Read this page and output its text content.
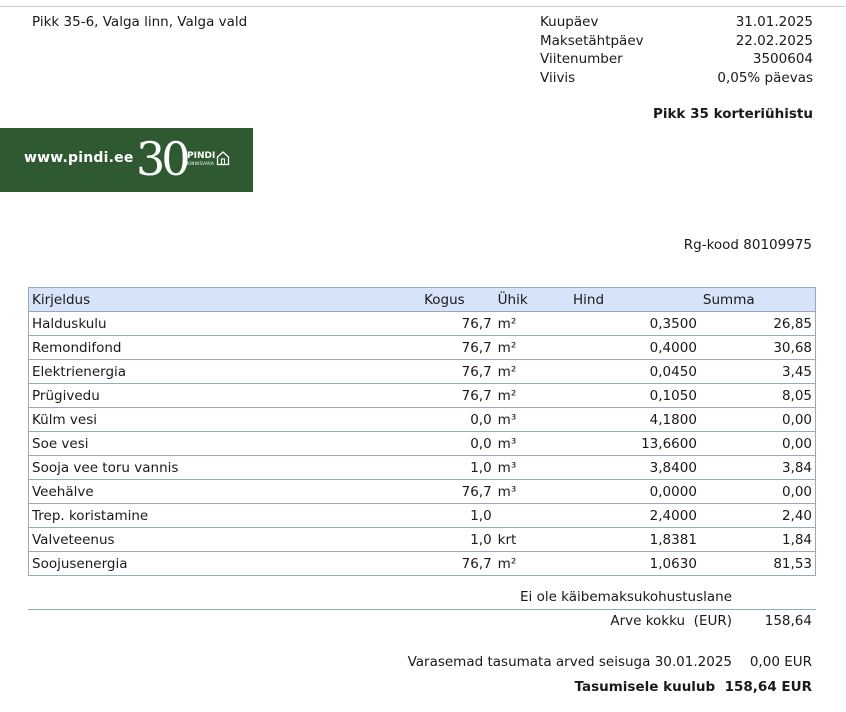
Pikk 35-6, Valga linn, Valga vald	Kuupäev	31.01.2025
Maksetähtpäev	22.02.2025
Viitenumber	3500604
Viivis	0,05% päevas
Pikk 35 korteriühistu
www.pindi.ee 30 PINDI
KINNISVARA
Rg-kood 80109975
Kirjeldus	Kogus	Ühik	Hind	Summa
Halduskulu	76,7	m²	0,3500	26,85
Remondifond	76,7	m²	0,4000	30,68
Elektrienergia	76,7	m²	0,0450	3,45
Prügivedu	76,7	m²	0,1050	8,05
Külm vesi	0,0	m³	4,1800	0,00
Soe vesi	0,0	m³	13,6600	0,00
Sooja vee toru vannis	1,0	m³	3,8400	3,84
Veehälve	76,7	m³	0,0000	0,00
Trep. koristamine	1,0		2,4000	2,40
Valveteenus	1,0	krt	1,8381	1,84
Soojusenergia	76,7	m²	1,0630	81,53
Ei ole käibemaksukohustuslane
Arve kokku  (EUR) 158,64
Varasemad tasumata arved seisuga 30.01.2025 0,00 EUR
Tasumisele kuulub  158,64 EUR
